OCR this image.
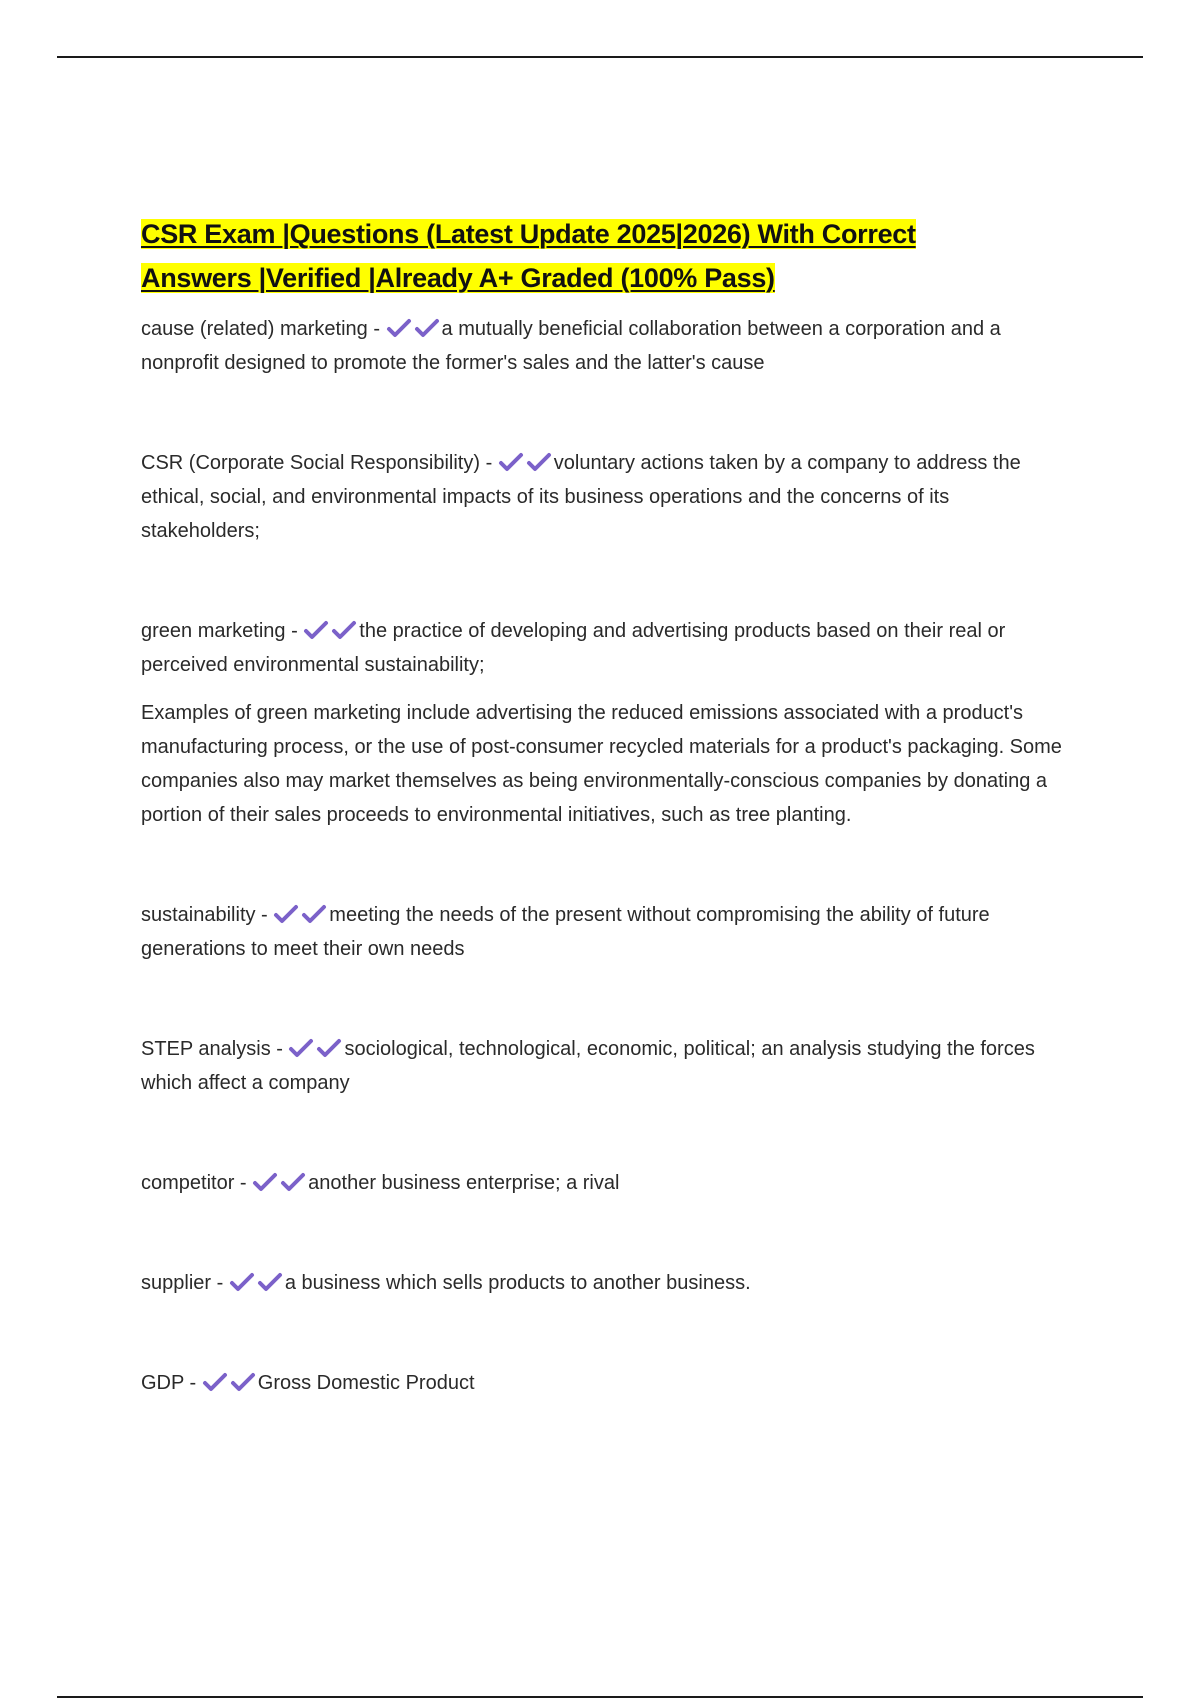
CSR Exam |Questions (Latest Update 2025|2026) With Correct
Answers |Verified |Already A+ Graded (100% Pass)

cause (related) marketing -	a mutually beneficial collaboration between a corporation and a nonprofit designed to promote the former's sales and the latter's cause

CSR (Corporate Social Responsibility) -	voluntary actions taken by a company to address the ethical, social, and environmental impacts of its business operations and the concerns of its stakeholders;

green marketing -	the practice of developing and advertising products based on their real or perceived environmental sustainability;

Examples of green marketing include advertising the reduced emissions associated with a product's manufacturing process, or the use of post-consumer recycled materials for a product's packaging. Some companies also may market themselves as being environmentally-conscious companies by donating a portion of their sales proceeds to environmental initiatives, such as tree planting.

sustainability -	meeting the needs of the present without compromising the ability of future generations to meet their own needs

STEP analysis -	sociological, technological, economic, political; an analysis studying the forces which affect a company

competitor -	another business enterprise; a rival

supplier -	a business which sells products to another business.

GDP -	Gross Domestic Product
